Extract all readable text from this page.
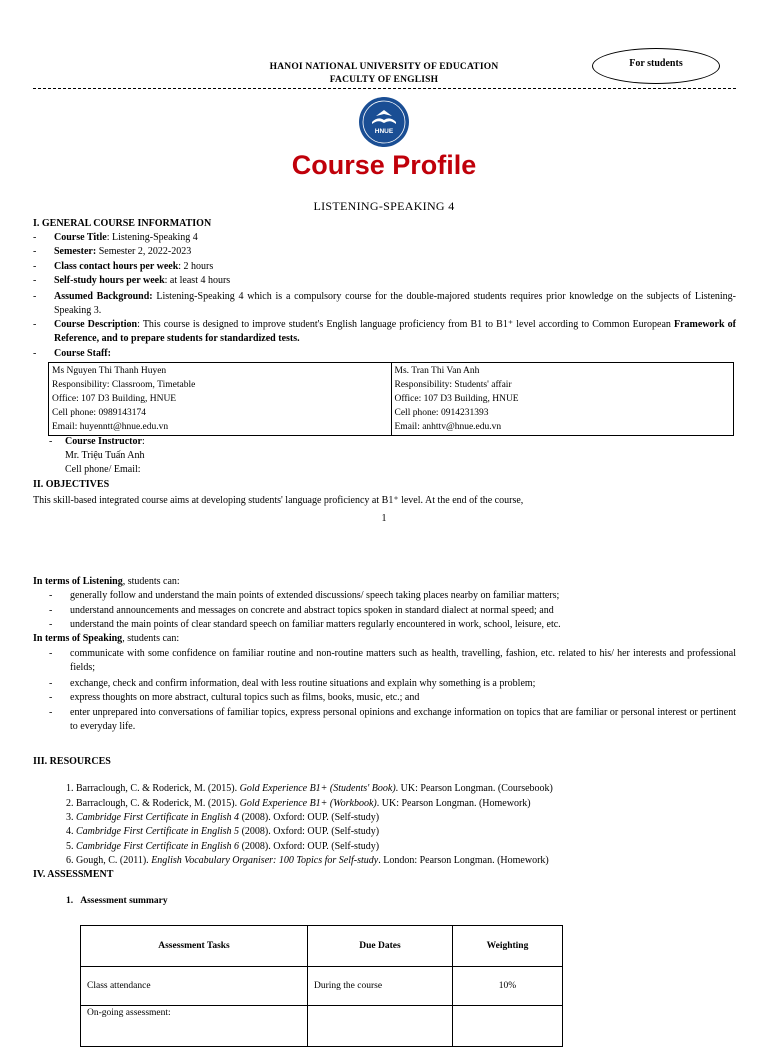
HANOI NATIONAL UNIVERSITY OF EDUCATION
FACULTY OF ENGLISH
For students
HNUE
Course Profile
LISTENING-SPEAKING 4
I. GENERAL COURSE INFORMATION
- Course Title: Listening-Speaking 4
- Semester: Semester 2, 2022-2023
- Class contact hours per week: 2 hours
- Self-study hours per week: at least 4 hours
- Assumed Background: Listening-Speaking 4 which is a compulsory course for the double-majored students requires prior knowledge on the subjects of Listening-Speaking 3.
- Course Description: This course is designed to improve student's English language proficiency from B1 to B1⁺ level according to Common European Framework of Reference, and to prepare students for standardized tests.
- Course Staff:
Ms Nguyen Thi Thanh Huyen
Responsibility: Classroom, Timetable
Office: 107 D3 Building, HNUE
Cell phone: 0989143174
Email: huyenntt@hnue.edu.vn

Ms. Tran Thi Van Anh
Responsibility: Students' affair
Office: 107 D3 Building, HNUE
Cell phone: 0914231393
Email: anhttv@hnue.edu.vn
- Course Instructor:
Mr. Triệu Tuấn Anh
Cell phone/ Email:
II. OBJECTIVES
This skill-based integrated course aims at developing students' language proficiency at B1⁺ level. At the end of the course,
1
In terms of Listening, students can:
- generally follow and understand the main points of extended discussions/ speech taking places nearby on familiar matters;
- understand announcements and messages on concrete and abstract topics spoken in standard dialect at normal speed; and
- understand the main points of clear standard speech on familiar matters regularly encountered in work, school, leisure, etc.
In terms of Speaking, students can:
- communicate with some confidence on familiar routine and non-routine matters such as health, travelling, fashion, etc. related to his/ her interests and professional fields;
- exchange, check and confirm information, deal with less routine situations and explain why something is a problem;
- express thoughts on more abstract, cultural topics such as films, books, music, etc.; and
- enter unprepared into conversations of familiar topics, express personal opinions and exchange information on topics that are familiar or personal interest or pertinent to everyday life.
III. RESOURCES
1. Barraclough, C. & Roderick, M. (2015). Gold Experience B1+ (Students' Book). UK: Pearson Longman. (Coursebook)
2. Barraclough, C. & Roderick, M. (2015). Gold Experience B1+ (Workbook). UK: Pearson Longman. (Homework)
3. Cambridge First Certificate in English 4 (2008). Oxford: OUP. (Self-study)
4. Cambridge First Certificate in English 5 (2008). Oxford: OUP. (Self-study)
5. Cambridge First Certificate in English 6 (2008). Oxford: OUP. (Self-study)
6. Gough, C. (2011). English Vocabulary Organiser: 100 Topics for Self-study. London: Pearson Longman. (Homework)
IV. ASSESSMENT
1. Assessment summary
Assessment Tasks	Due Dates	Weighting
Class attendance	During the course	10%
On-going assessment:		
